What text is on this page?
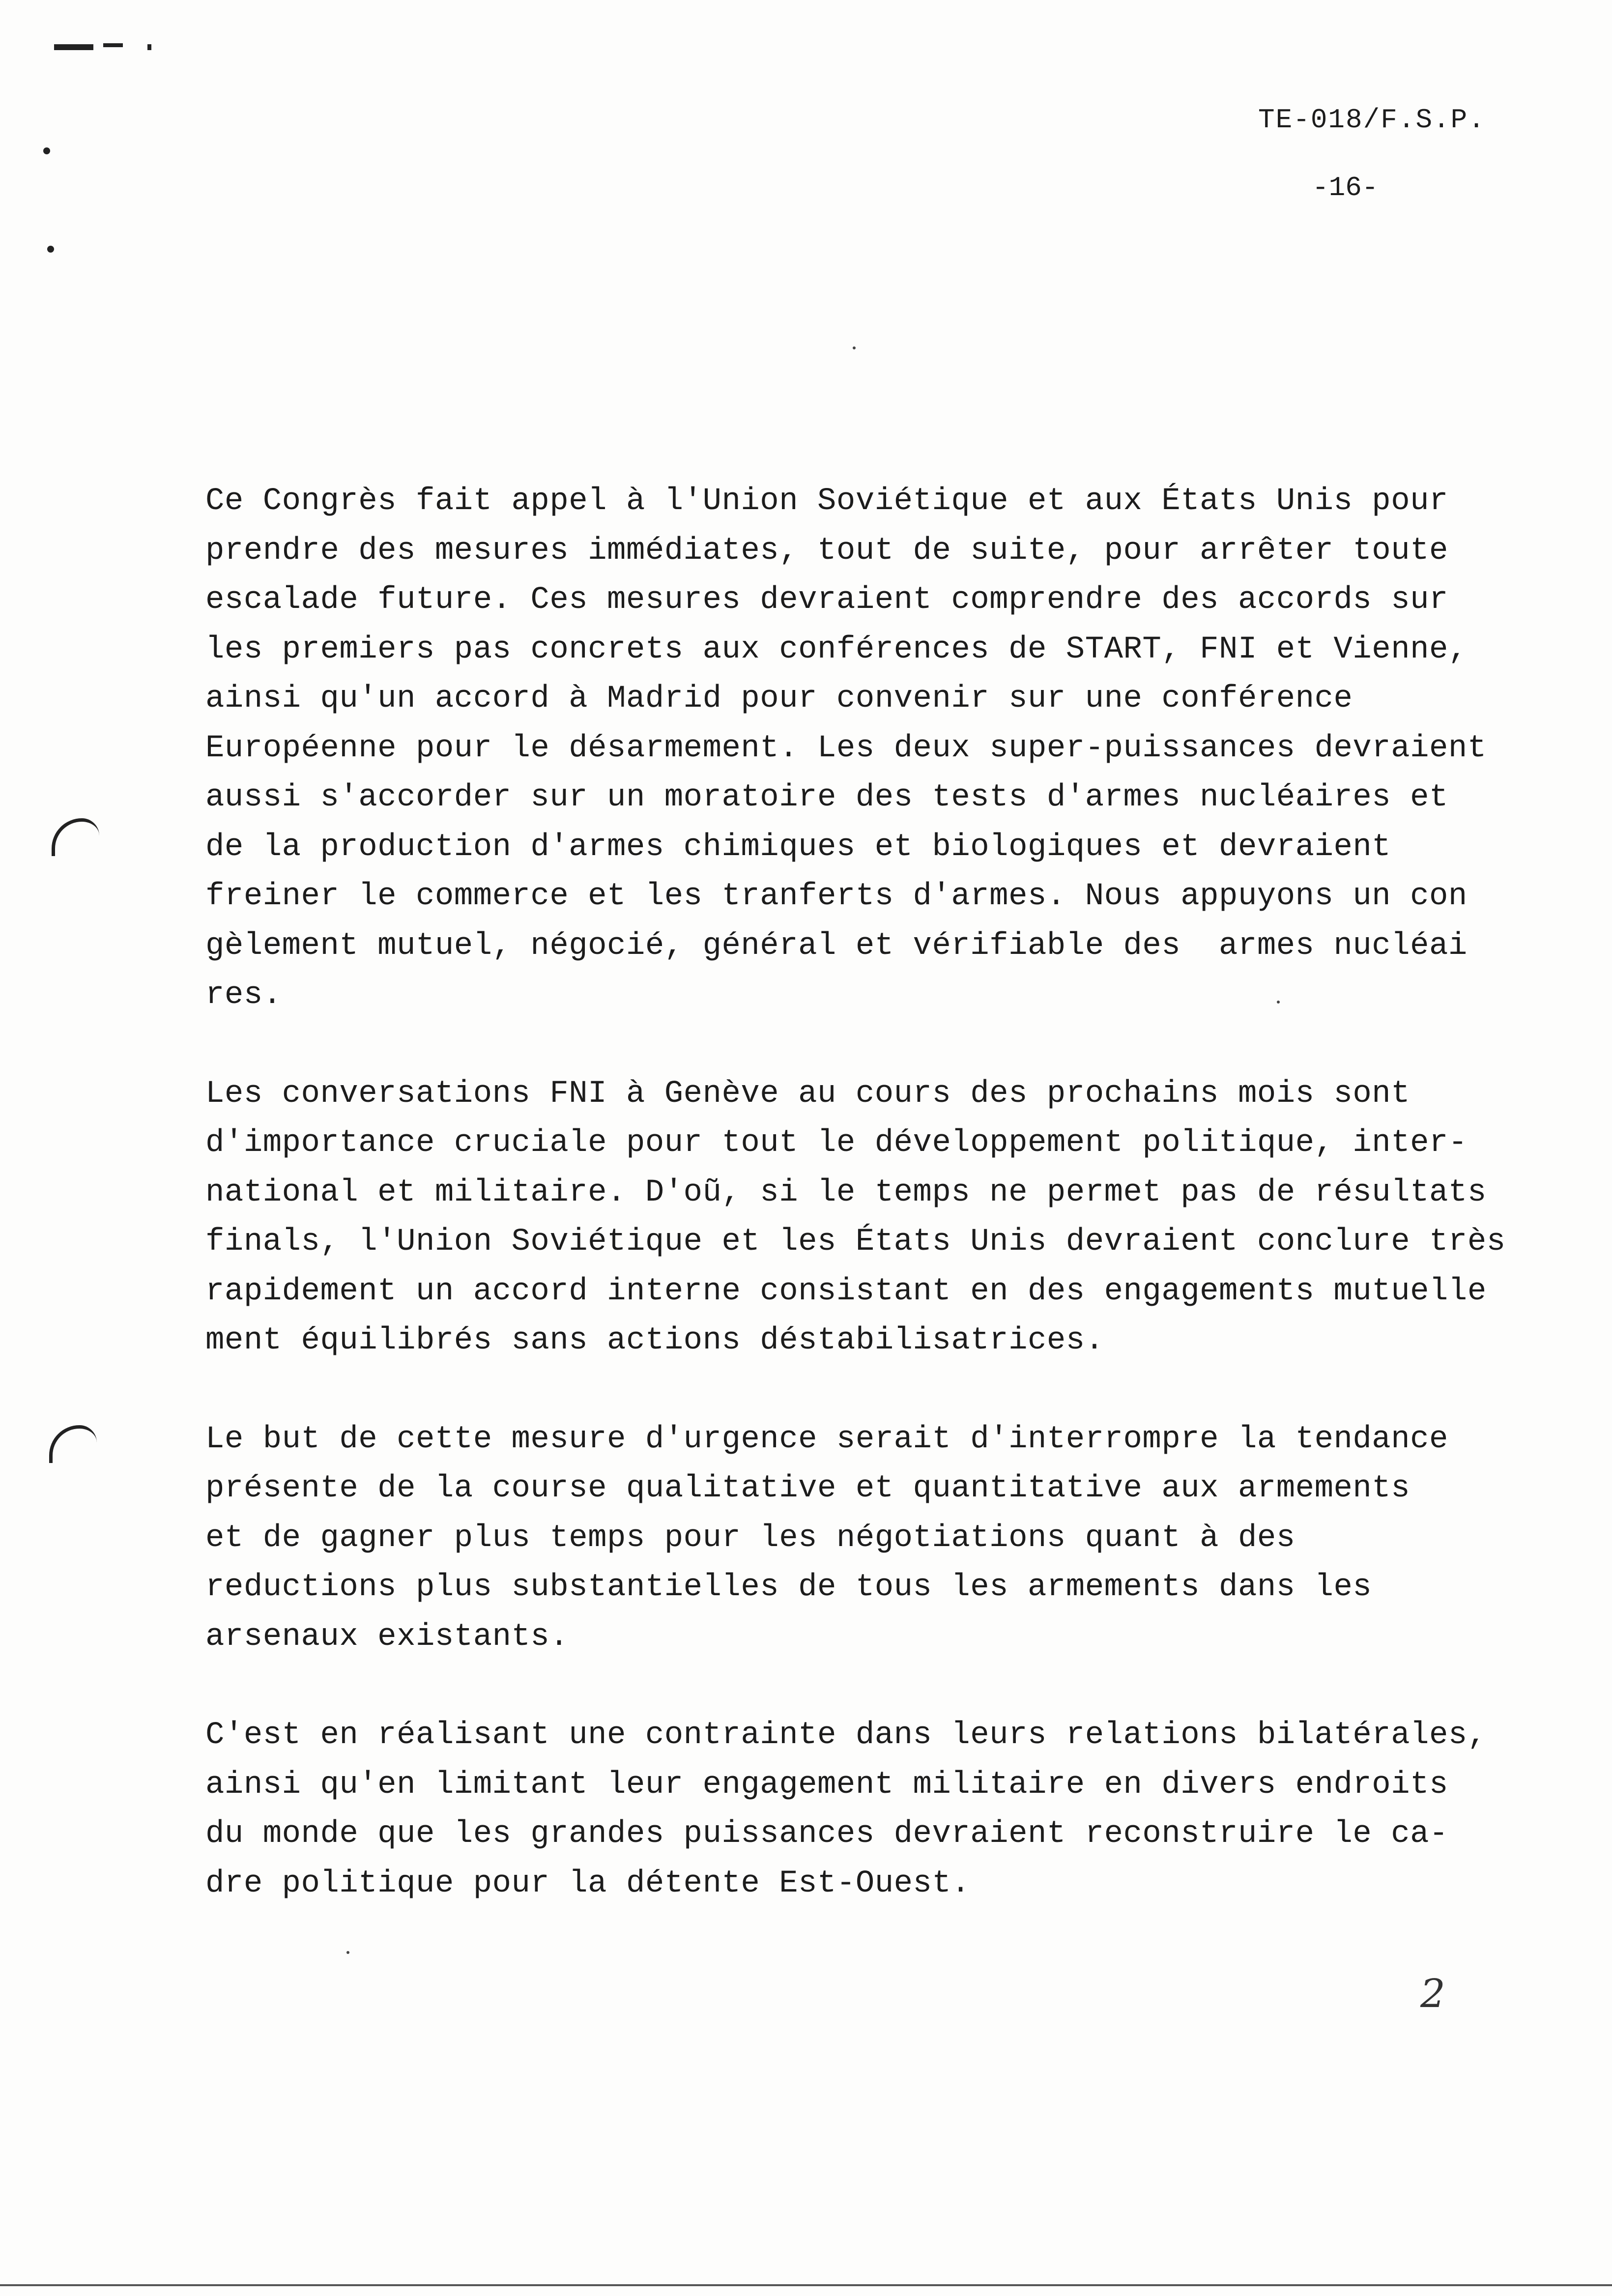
TE-018/F.S.P.
-16-
Ce Congrès fait appel à l'Union Soviétique et aux États Unis pour
prendre des mesures immédiates, tout de suite, pour arrêter toute
escalade future. Ces mesures devraient comprendre des accords sur
les premiers pas concrets aux conférences de START, FNI et Vienne,
ainsi qu'un accord à Madrid pour convenir sur une conférence
Européenne pour le désarmement. Les deux super-puissances devraient
aussi s'accorder sur un moratoire des tests d'armes nucléaires et
de la production d'armes chimiques et biologiques et devraient
freiner le commerce et les tranferts d'armes. Nous appuyons un con
gèlement mutuel, négocié, général et vérifiable des  armes nucléai
res.
Les conversations FNI à Genève au cours des prochains mois sont
d'importance cruciale pour tout le développement politique, inter-
national et militaire. D'oũ, si le temps ne permet pas de résultats
finals, l'Union Soviétique et les États Unis devraient conclure très
rapidement un accord interne consistant en des engagements mutuelle
ment équilibrés sans actions déstabilisatrices.
Le but de cette mesure d'urgence serait d'interrompre la tendance
présente de la course qualitative et quantitative aux armements
et de gagner plus temps pour les négotiations quant à des
reductions plus substantielles de tous les armements dans les
arsenaux existants.
C'est en réalisant une contrainte dans leurs relations bilatérales,
ainsi qu'en limitant leur engagement militaire en divers endroits
du monde que les grandes puissances devraient reconstruire le ca-
dre politique pour la détente Est-Ouest.
2
